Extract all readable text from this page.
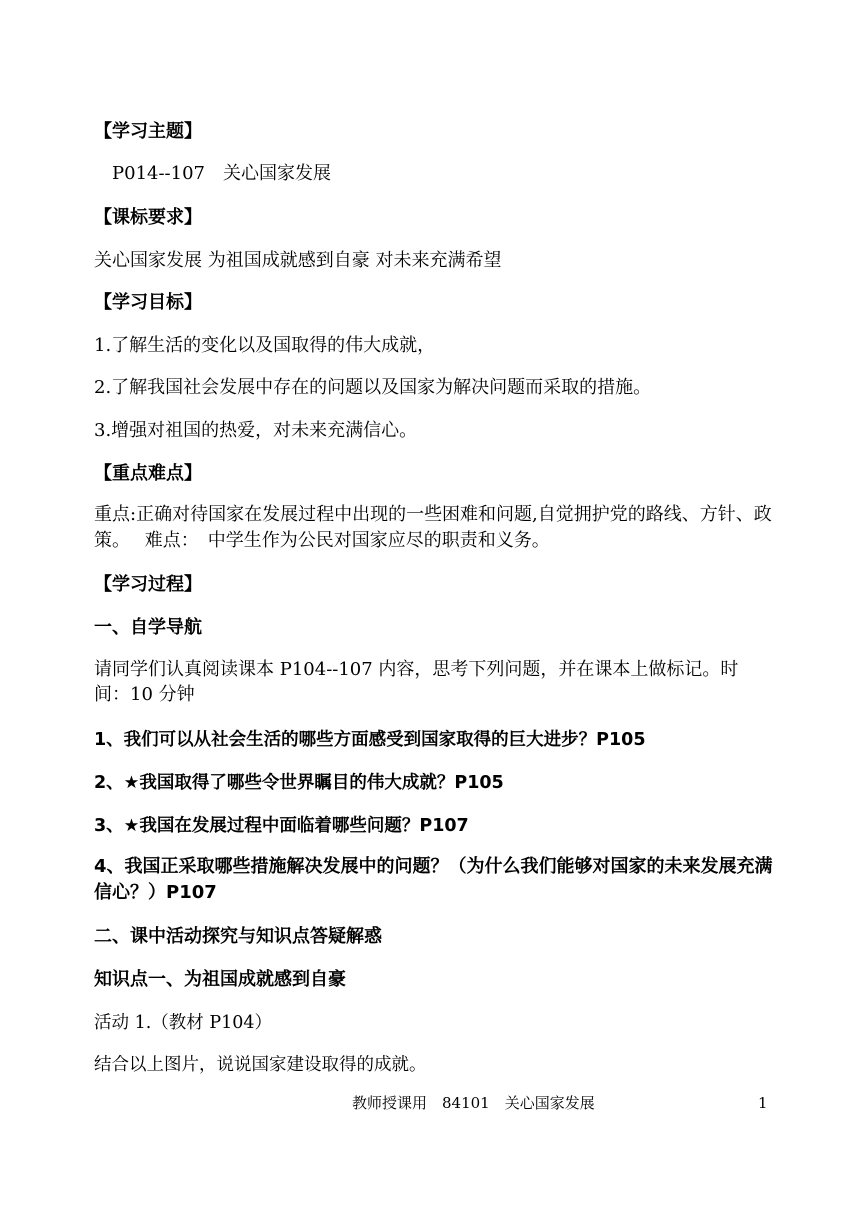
【学习主题】
P014--107　关心国家发展
【课标要求】
关心国家发展 为祖国成就感到自豪 对未来充满希望
【学习目标】
1.了解生活的变化以及国取得的伟大成就，
2.了解我国社会发展中存在的问题以及国家为解决问题而采取的措施。
3.增强对祖国的热爱，对未来充满信心。
【重点难点】
重点:正确对待国家在发展过程中出现的一些困难和问题,自觉拥护党的路线、方针、政策。　 难点：　中学生作为公民对国家应尽的职责和义务。
【学习过程】
一、自学导航
请同学们认真阅读课本 P104--107 内容，思考下列问题，并在课本上做标记。时间：10 分钟
1、我们可以从社会生活的哪些方面感受到国家取得的巨大进步？P105
2、★我国取得了哪些令世界瞩目的伟大成就？P105
3、★我国在发展过程中面临着哪些问题？P107
4、我国正采取哪些措施解决发展中的问题？（为什么我们能够对国家的未来发展充满信心？）P107
二、课中活动探究与知识点答疑解惑
知识点一、为祖国成就感到自豪
活动 1.（教材 P104）
结合以上图片，说说国家建设取得的成就。
教师授课用　84101　关心国家发展	1
